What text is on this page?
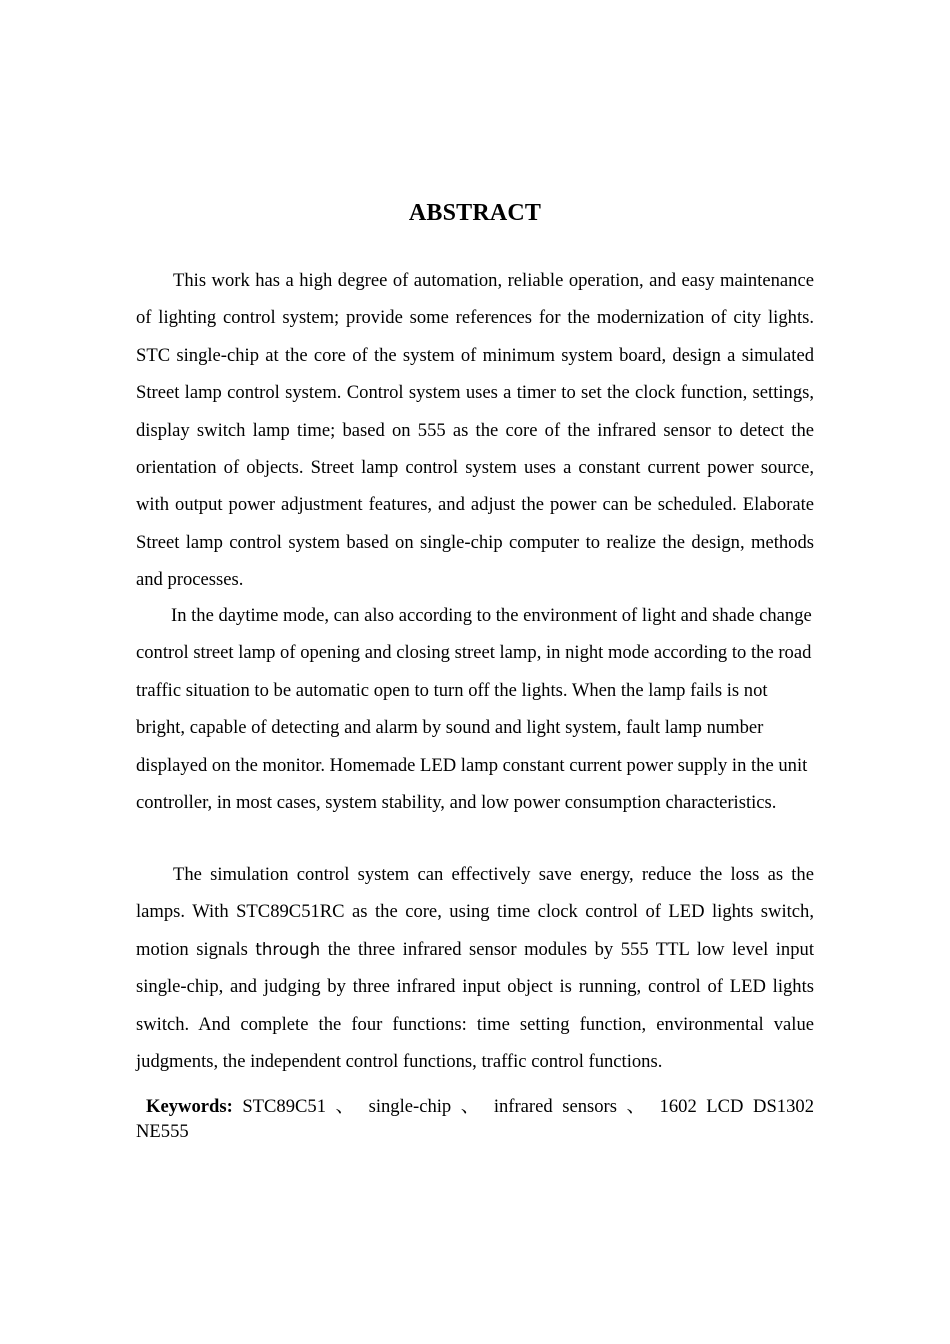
ABSTRACT

This work has a high degree of automation, reliable operation, and easy maintenance of lighting control system; provide some references for the modernization of city lights. STC single-chip at the core of the system of minimum system board, design a simulated Street lamp control system. Control system uses a timer to set the clock function, settings, display switch lamp time; based on 555 as the core of the infrared sensor to detect the orientation of objects. Street lamp control system uses a constant current power source, with output power adjustment features, and adjust the power can be scheduled. Elaborate Street lamp control system based on single-chip computer to realize the design, methods and processes.

In the daytime mode, can also according to the environment of light and shade change control street lamp of opening and closing street lamp, in night mode according to the road traffic situation to be automatic open to turn off the lights. When the lamp fails is not bright, capable of detecting and alarm by sound and light system, fault lamp number displayed on the monitor. Homemade LED lamp constant current power supply in the unit controller, in most cases, system stability, and low power consumption characteristics.

The simulation control system can effectively save energy, reduce the loss as the lamps. With STC89C51RC as the core, using time clock control of LED lights switch, motion signals through the three infrared sensor modules by 555 TTL low level input single-chip, and judging by three infrared input object is running, control of LED lights switch. And complete the four functions: time setting function, environmental value judgments, the independent control functions, traffic control functions.

Keywords: STC89C51 、 single-chip 、 infrared sensors 、 1602 LCD DS1302
NE555
